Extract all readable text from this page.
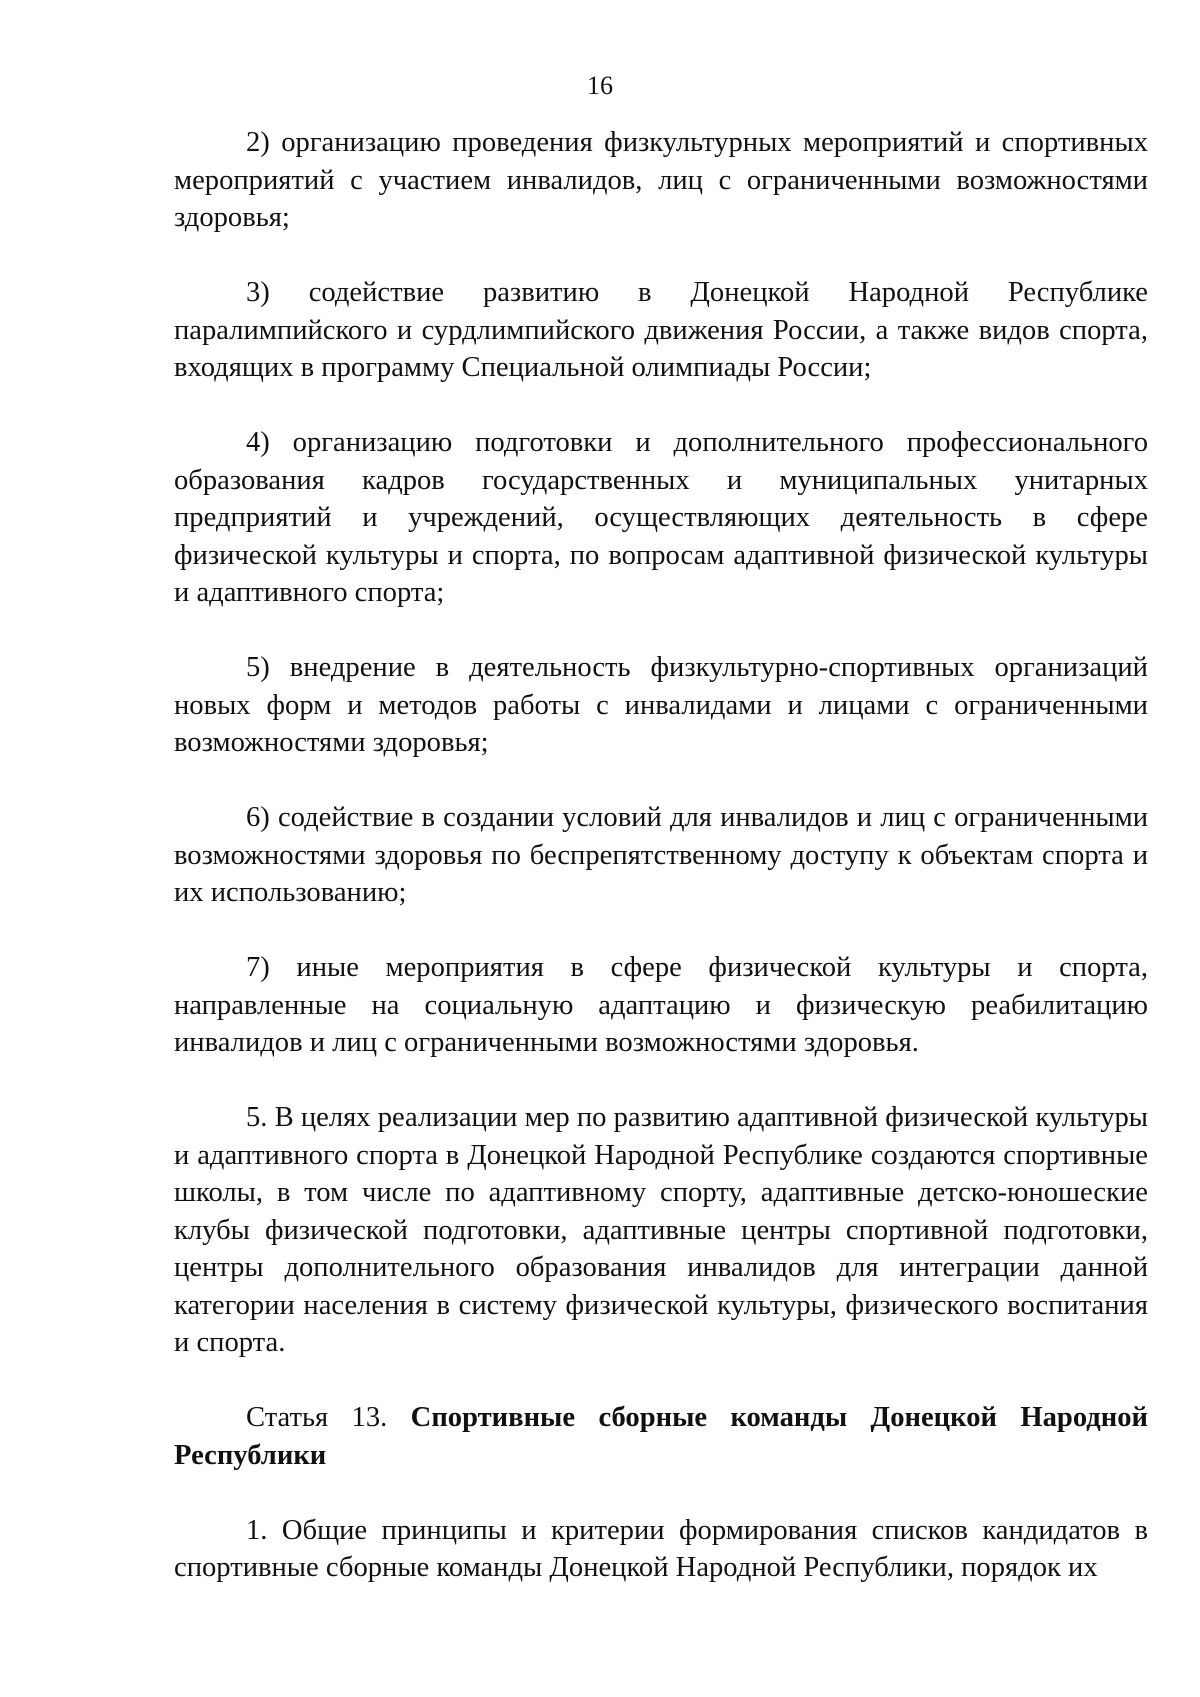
16

2) организацию проведения физкультурных мероприятий и спортивных мероприятий с участием инвалидов, лиц с ограниченными возможностями здоровья;

3) содействие развитию в Донецкой Народной Республике паралимпийского и сурдлимпийского движения России, а также видов спорта, входящих в программу Специальной олимпиады России;

4) организацию подготовки и дополнительного профессионального образования кадров государственных и муниципальных унитарных предприятий и учреждений, осуществляющих деятельность в сфере физической культуры и спорта, по вопросам адаптивной физической культуры и адаптивного спорта;

5) внедрение в деятельность физкультурно-спортивных организаций новых форм и методов работы с инвалидами и лицами с ограниченными возможностями здоровья;

6) содействие в создании условий для инвалидов и лиц с ограниченными возможностями здоровья по беспрепятственному доступу к объектам спорта и их использованию;

7) иные мероприятия в сфере физической культуры и спорта, направленные на социальную адаптацию и физическую реабилитацию инвалидов и лиц с ограниченными возможностями здоровья.

5. В целях реализации мер по развитию адаптивной физической культуры и адаптивного спорта в Донецкой Народной Республике создаются спортивные школы, в том числе по адаптивному спорту, адаптивные детско-юношеские клубы физической подготовки, адаптивные центры спортивной подготовки, центры дополнительного образования инвалидов для интеграции данной категории населения в систему физической культуры, физического воспитания и спорта.

Статья 13. Спортивные сборные команды Донецкой Народной Республики

1. Общие принципы и критерии формирования списков кандидатов в спортивные сборные команды Донецкой Народной Республики, порядок их
